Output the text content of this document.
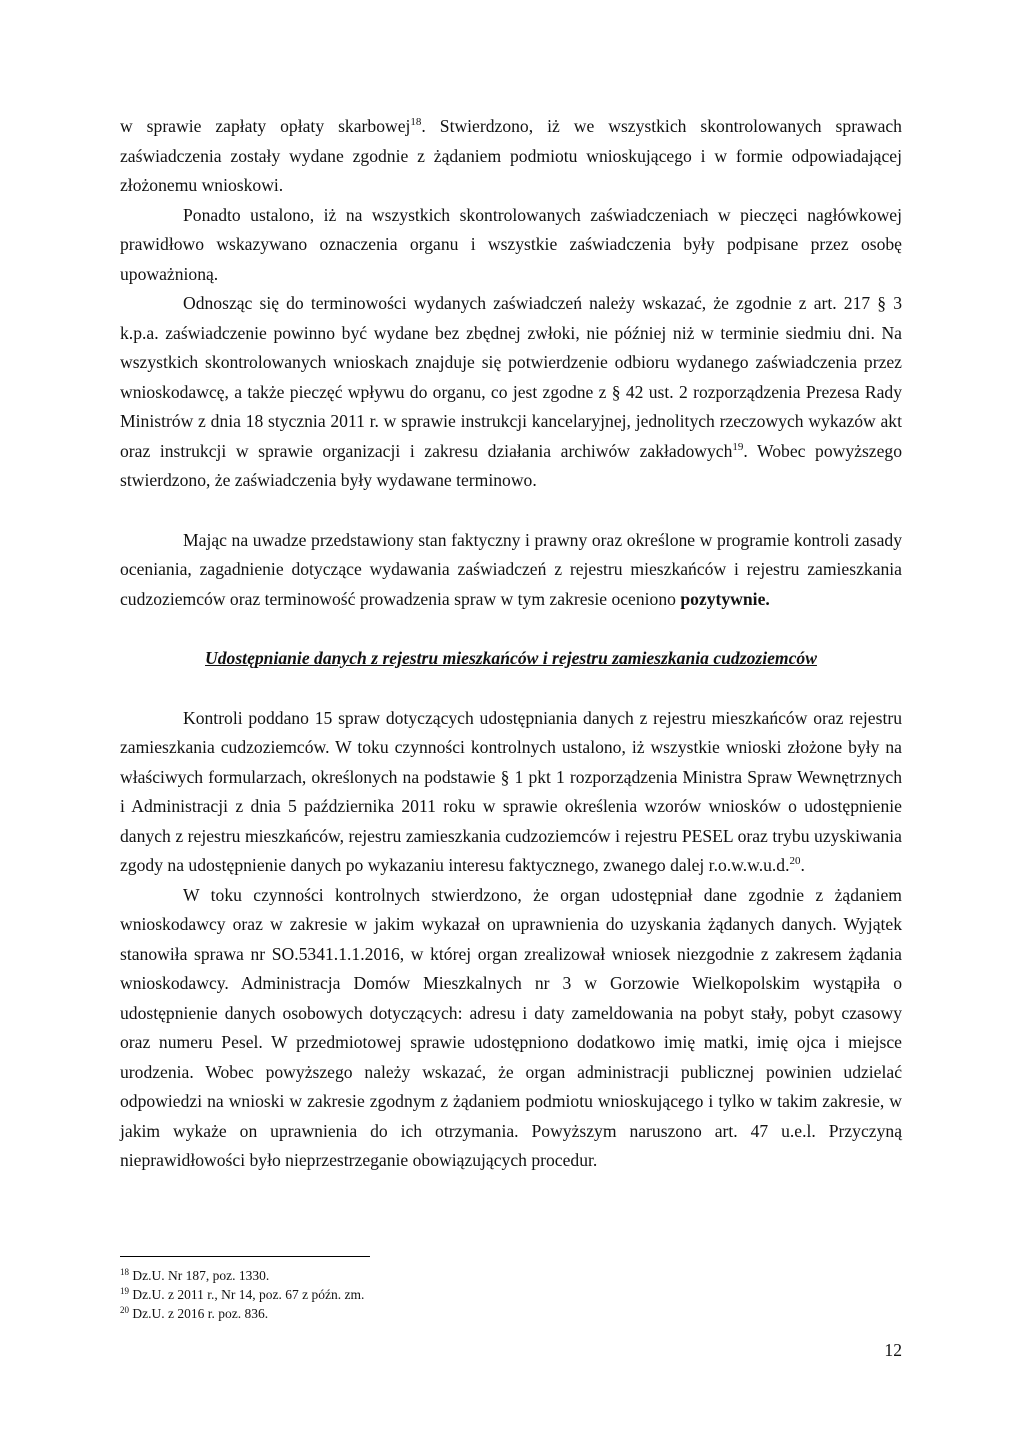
w sprawie zapłaty opłaty skarbowej$^{18}$. Stwierdzono, iż we wszystkich skontrolowanych sprawach zaświadczenia zostały wydane zgodnie z żądaniem podmiotu wnioskującego i w formie odpowiadającej złożonemu wnioskowi.

Ponadto ustalono, iż na wszystkich skontrolowanych zaświadczeniach w pieczęci nagłówkowej prawidłowo wskazywano oznaczenia organu i wszystkie zaświadczenia były podpisane przez osobę upoważnioną.

Odnosząc się do terminowości wydanych zaświadczeń należy wskazać, że zgodnie z art. 217 § 3 k.p.a. zaświadczenie powinno być wydane bez zbędnej zwłoki, nie później niż w terminie siedmiu dni. Na wszystkich skontrolowanych wnioskach znajduje się potwierdzenie odbioru wydanego zaświadczenia przez wnioskodawcę, a także pieczęć wpływu do organu, co jest zgodne z § 42 ust. 2 rozporządzenia Prezesa Rady Ministrów z dnia 18 stycznia 2011 r. w sprawie instrukcji kancelaryjnej, jednolitych rzeczowych wykazów akt oraz instrukcji w sprawie organizacji i zakresu działania archiwów zakładowych$^{19}$. Wobec powyższego stwierdzono, że zaświadczenia były wydawane terminowo.

Mając na uwadze przedstawiony stan faktyczny i prawny oraz określone w programie kontroli zasady oceniania, zagadnienie dotyczące wydawania zaświadczeń z rejestru mieszkańców i rejestru zamieszkania cudzoziemców oraz terminowość prowadzenia spraw w tym zakresie oceniono pozytywnie.

Udostępnianie danych z rejestru mieszkańców i rejestru zamieszkania cudzoziemców

Kontroli poddano 15 spraw dotyczących udostępniania danych z rejestru mieszkańców oraz rejestru zamieszkania cudzoziemców. W toku czynności kontrolnych ustalono, iż wszystkie wnioski złożone były na właściwych formularzach, określonych na podstawie § 1 pkt 1 rozporządzenia Ministra Spraw Wewnętrznych i Administracji z dnia 5 października 2011 roku w sprawie określenia wzorów wniosków o udostępnienie danych z rejestru mieszkańców, rejestru zamieszkania cudzoziemców i rejestru PESEL oraz trybu uzyskiwania zgody na udostępnienie danych po wykazaniu interesu faktycznego, zwanego dalej r.o.w.w.u.d.$^{20}$.

W toku czynności kontrolnych stwierdzono, że organ udostępniał dane zgodnie z żądaniem wnioskodawcy oraz w zakresie w jakim wykazał on uprawnienia do uzyskania żądanych danych. Wyjątek stanowiła sprawa nr SO.5341.1.1.2016, w której organ zrealizował wniosek niezgodnie z zakresem żądania wnioskodawcy. Administracja Domów Mieszkalnych nr 3 w Gorzowie Wielkopolskim wystąpiła o udostępnienie danych osobowych dotyczących: adresu i daty zameldowania na pobyt stały, pobyt czasowy oraz numeru Pesel. W przedmiotowej sprawie udostępniono dodatkowo imię matki, imię ojca i miejsce urodzenia. Wobec powyższego należy wskazać, że organ administracji publicznej powinien udzielać odpowiedzi na wnioski w zakresie zgodnym z żądaniem podmiotu wnioskującego i tylko w takim zakresie, w jakim wykaże on uprawnienia do ich otrzymania. Powyższym naruszono art. 47 u.e.l. Przyczyną nieprawidłowości było nieprzestrzeganie obowiązujących procedur.

$^{18}$ Dz.U. Nr 187, poz. 1330.
$^{19}$ Dz.U. z 2011 r., Nr 14, poz. 67 z późn. zm.
$^{20}$ Dz.U. z 2016 r. poz. 836.
12
